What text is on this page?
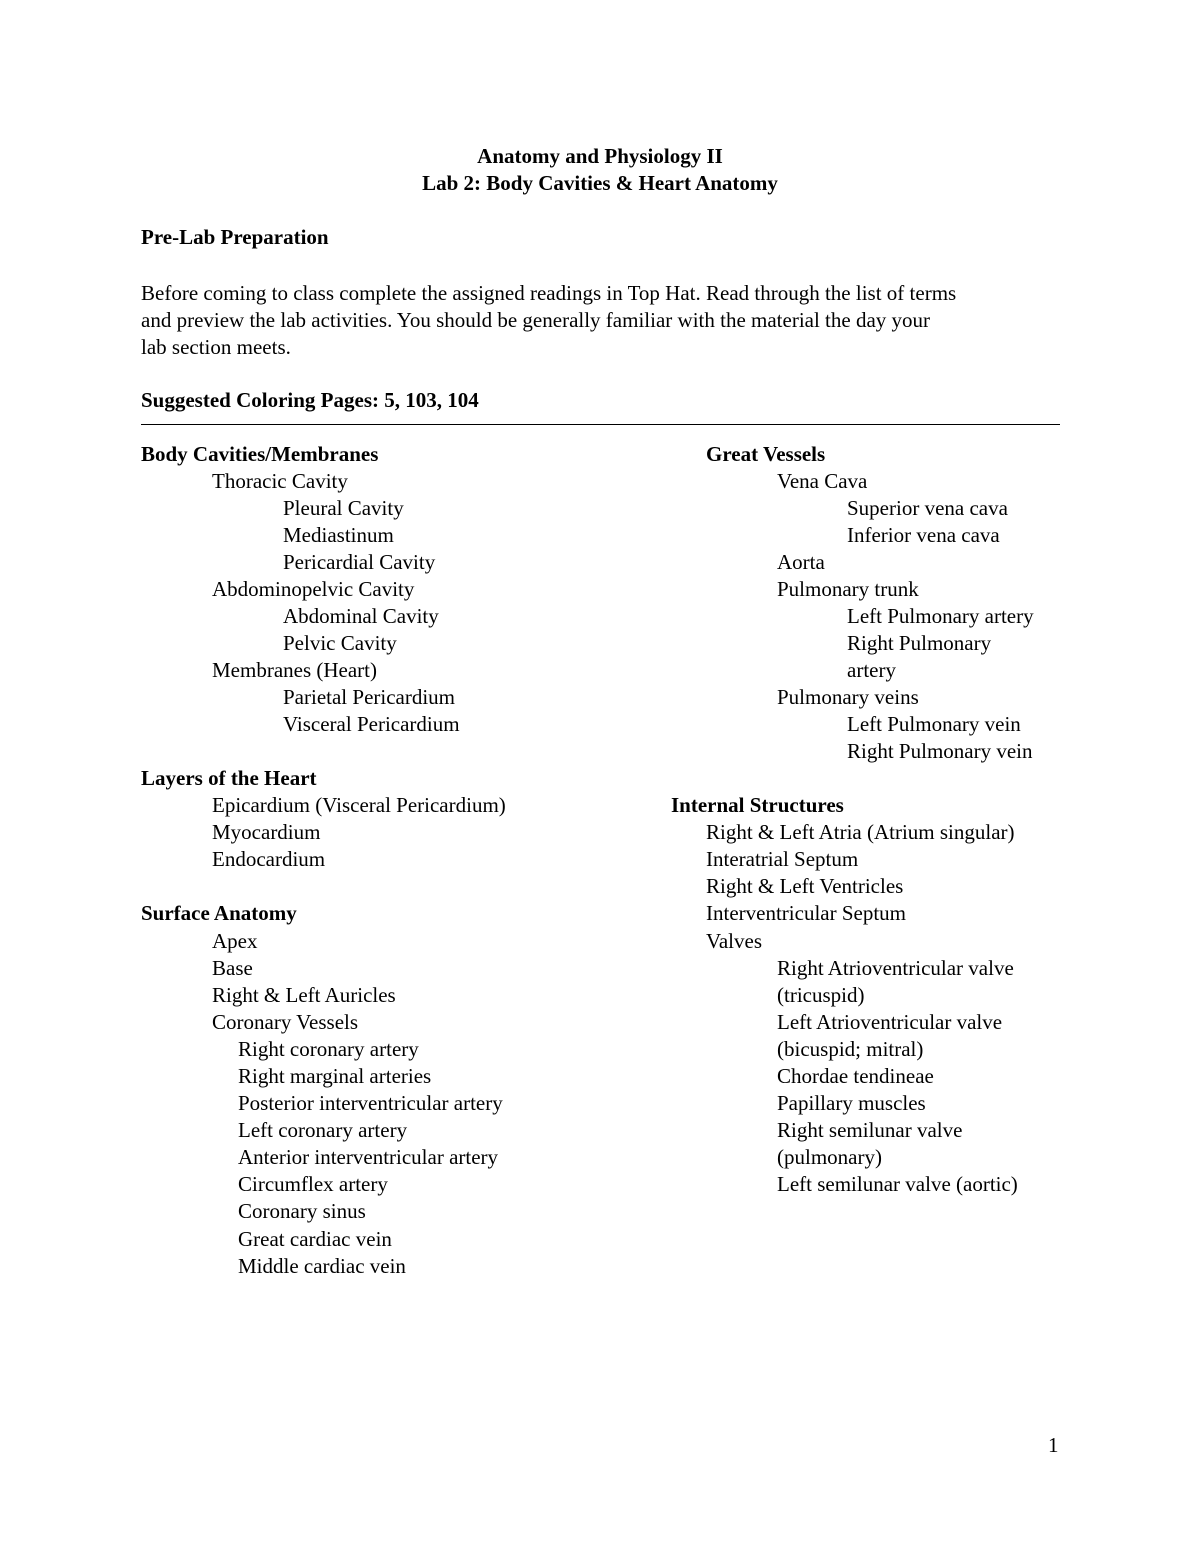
Anatomy and Physiology II
Lab 2: Body Cavities & Heart Anatomy
Pre-Lab Preparation
Before coming to class complete the assigned readings in Top Hat. Read through the list of terms
and preview the lab activities. You should be generally familiar with the material the day your
lab section meets.
Suggested Coloring Pages: 5, 103, 104
Body Cavities/Membranes
Thoracic Cavity
Pleural Cavity
Mediastinum
Pericardial Cavity
Abdominopelvic Cavity
Abdominal Cavity
Pelvic Cavity
Membranes (Heart)
Parietal Pericardium
Visceral Pericardium
Layers of the Heart
Epicardium (Visceral Pericardium)
Myocardium
Endocardium
Surface Anatomy
Apex
Base
Right & Left Auricles
Coronary Vessels
Right coronary artery
Right marginal arteries
Posterior interventricular artery
Left coronary artery
Anterior interventricular artery
Circumflex artery
Coronary sinus
Great cardiac vein
Middle cardiac vein
Great Vessels
Vena Cava
Superior vena cava
Inferior vena cava
Aorta
Pulmonary trunk
Left Pulmonary artery
Right Pulmonary
artery
Pulmonary veins
Left Pulmonary vein
Right Pulmonary vein
Internal Structures
Right & Left Atria (Atrium singular)
Interatrial Septum
Right & Left Ventricles
Interventricular Septum
Valves
Right Atrioventricular valve
(tricuspid)
Left Atrioventricular valve
(bicuspid; mitral)
Chordae tendineae
Papillary muscles
Right semilunar valve
(pulmonary)
Left semilunar valve (aortic)
1
